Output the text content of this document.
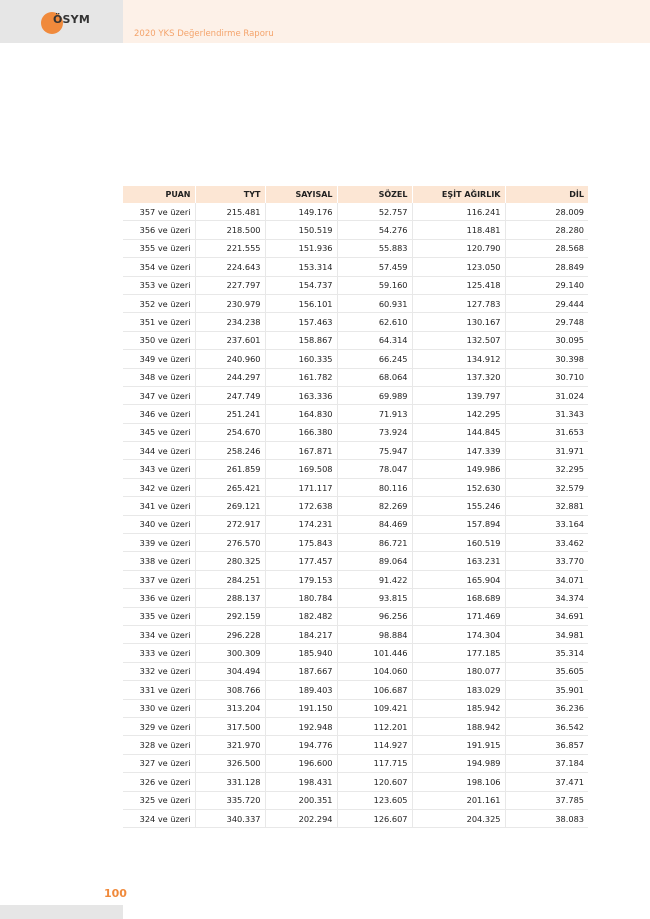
ÖSYM
2020 YKS Değerlendirme Raporu
PUAN	TYT	SAYISAL	SÖZEL	EŞİT AĞIRLIK	DİL
357 ve üzeri	215.481	149.176	52.757	116.241	28.009
356 ve üzeri	218.500	150.519	54.276	118.481	28.280
355 ve üzeri	221.555	151.936	55.883	120.790	28.568
354 ve üzeri	224.643	153.314	57.459	123.050	28.849
353 ve üzeri	227.797	154.737	59.160	125.418	29.140
352 ve üzeri	230.979	156.101	60.931	127.783	29.444
351 ve üzeri	234.238	157.463	62.610	130.167	29.748
350 ve üzeri	237.601	158.867	64.314	132.507	30.095
349 ve üzeri	240.960	160.335	66.245	134.912	30.398
348 ve üzeri	244.297	161.782	68.064	137.320	30.710
347 ve üzeri	247.749	163.336	69.989	139.797	31.024
346 ve üzeri	251.241	164.830	71.913	142.295	31.343
345 ve üzeri	254.670	166.380	73.924	144.845	31.653
344 ve üzeri	258.246	167.871	75.947	147.339	31.971
343 ve üzeri	261.859	169.508	78.047	149.986	32.295
342 ve üzeri	265.421	171.117	80.116	152.630	32.579
341 ve üzeri	269.121	172.638	82.269	155.246	32.881
340 ve üzeri	272.917	174.231	84.469	157.894	33.164
339 ve üzeri	276.570	175.843	86.721	160.519	33.462
338 ve üzeri	280.325	177.457	89.064	163.231	33.770
337 ve üzeri	284.251	179.153	91.422	165.904	34.071
336 ve üzeri	288.137	180.784	93.815	168.689	34.374
335 ve üzeri	292.159	182.482	96.256	171.469	34.691
334 ve üzeri	296.228	184.217	98.884	174.304	34.981
333 ve üzeri	300.309	185.940	101.446	177.185	35.314
332 ve üzeri	304.494	187.667	104.060	180.077	35.605
331 ve üzeri	308.766	189.403	106.687	183.029	35.901
330 ve üzeri	313.204	191.150	109.421	185.942	36.236
329 ve üzeri	317.500	192.948	112.201	188.942	36.542
328 ve üzeri	321.970	194.776	114.927	191.915	36.857
327 ve üzeri	326.500	196.600	117.715	194.989	37.184
326 ve üzeri	331.128	198.431	120.607	198.106	37.471
325 ve üzeri	335.720	200.351	123.605	201.161	37.785
324 ve üzeri	340.337	202.294	126.607	204.325	38.083
100
